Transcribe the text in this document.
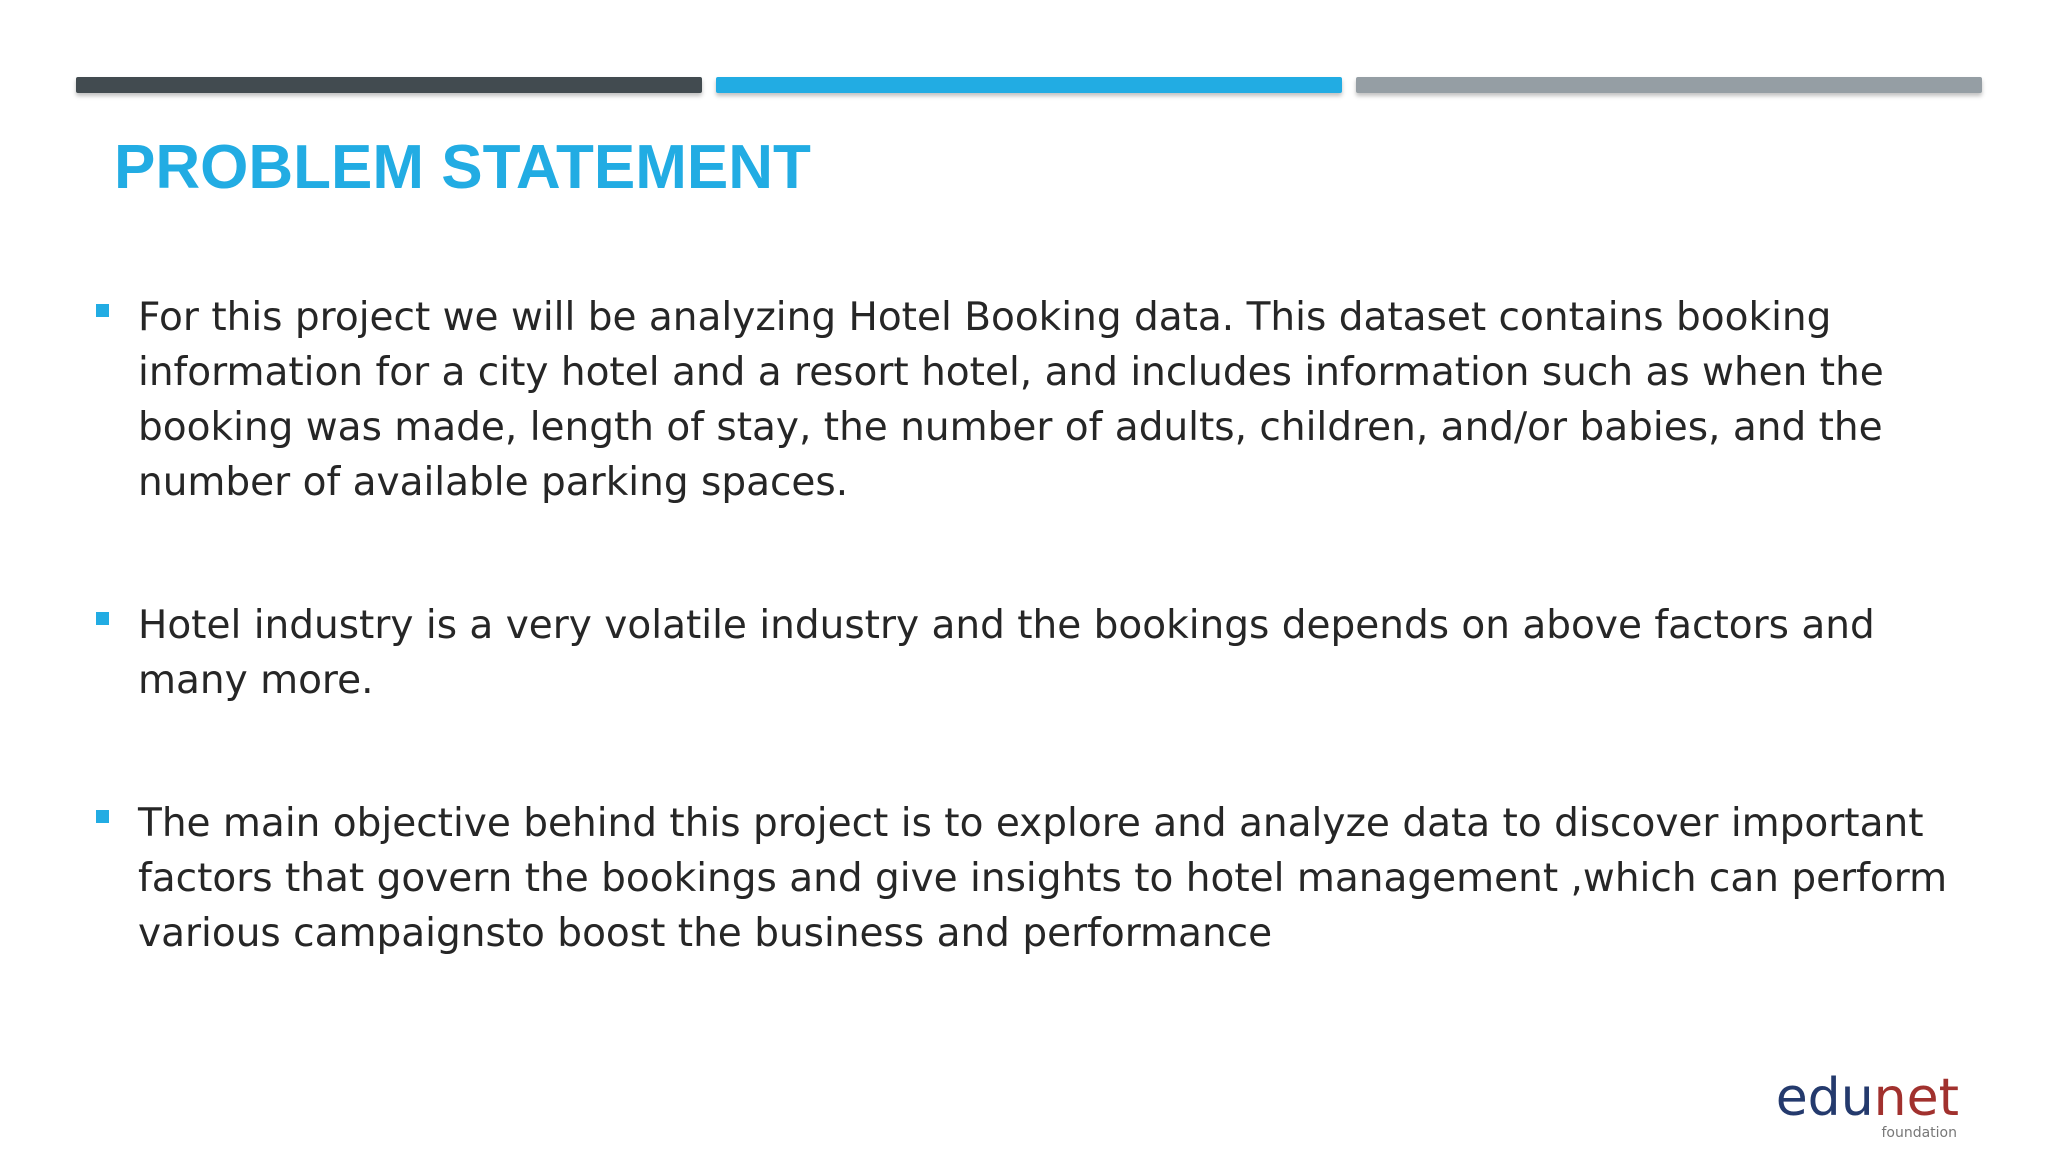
PROBLEM STATEMENT
For this project we will be analyzing Hotel Booking data. This dataset contains booking information for a city hotel and a resort hotel, and includes information such as when the booking was made, length of stay, the number of adults, children, and/or babies, and the number of available parking spaces.
Hotel industry is a very volatile industry and the bookings depends on above factors and many more.
The main objective behind this project is to explore and analyze data to discover important factors that govern the bookings and give insights to hotel management ,which can perform various campaignsto boost the business and performance
edunet
foundation
